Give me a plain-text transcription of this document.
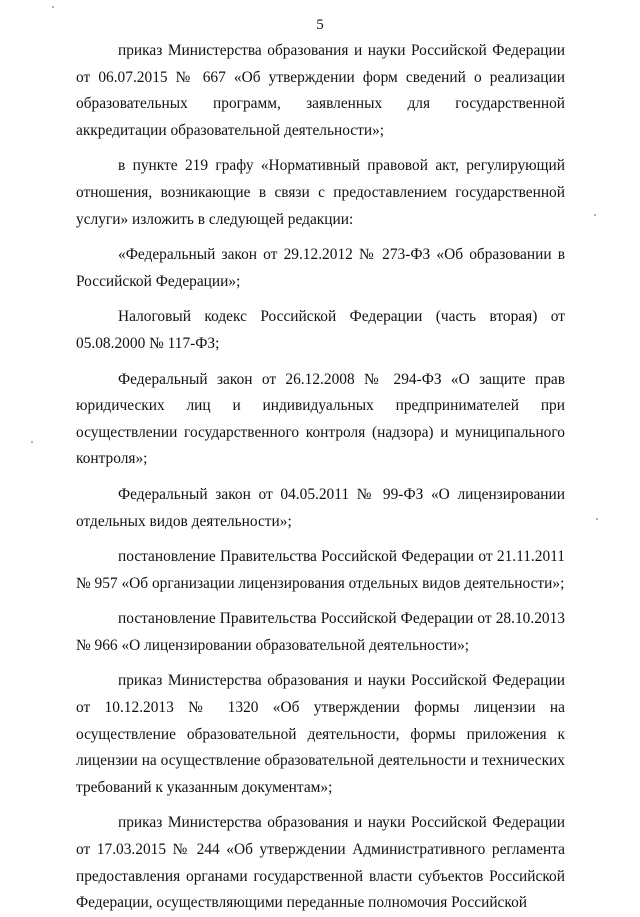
5

приказ Министерства образования и науки Российской Федерации от 06.07.2015 № 667 «Об утверждении форм сведений о реализации образовательных программ, заявленных для государственной аккредитации образовательной деятельности»;

в пункте 219 графу «Нормативный правовой акт, регулирующий отношения, возникающие в связи с предоставлением государственной услуги» изложить в следующей редакции:

«Федеральный закон от 29.12.2012 № 273-ФЗ «Об образовании в Российской Федерации»;

Налоговый кодекс Российской Федерации (часть вторая) от 05.08.2000 № 117-ФЗ;

Федеральный закон от 26.12.2008 № 294-ФЗ «О защите прав юридических лиц и индивидуальных предпринимателей при осуществлении государственного контроля (надзора) и муниципального контроля»;

Федеральный закон от 04.05.2011 № 99-ФЗ «О лицензировании отдельных видов деятельности»;

постановление Правительства Российской Федерации от 21.11.2011 № 957 «Об организации лицензирования отдельных видов деятельности»;

постановление Правительства Российской Федерации от 28.10.2013 № 966 «О лицензировании образовательной деятельности»;

приказ Министерства образования и науки Российской Федерации от 10.12.2013 № 1320 «Об утверждении формы лицензии на осуществление образовательной деятельности, формы приложения к лицензии на осуществление образовательной деятельности и технических требований к указанным документам»;

приказ Министерства образования и науки Российской Федерации от 17.03.2015 № 244 «Об утверждении Административного регламента предоставления органами государственной власти субъектов Российской Федерации, осуществляющими переданные полномочия Российской
